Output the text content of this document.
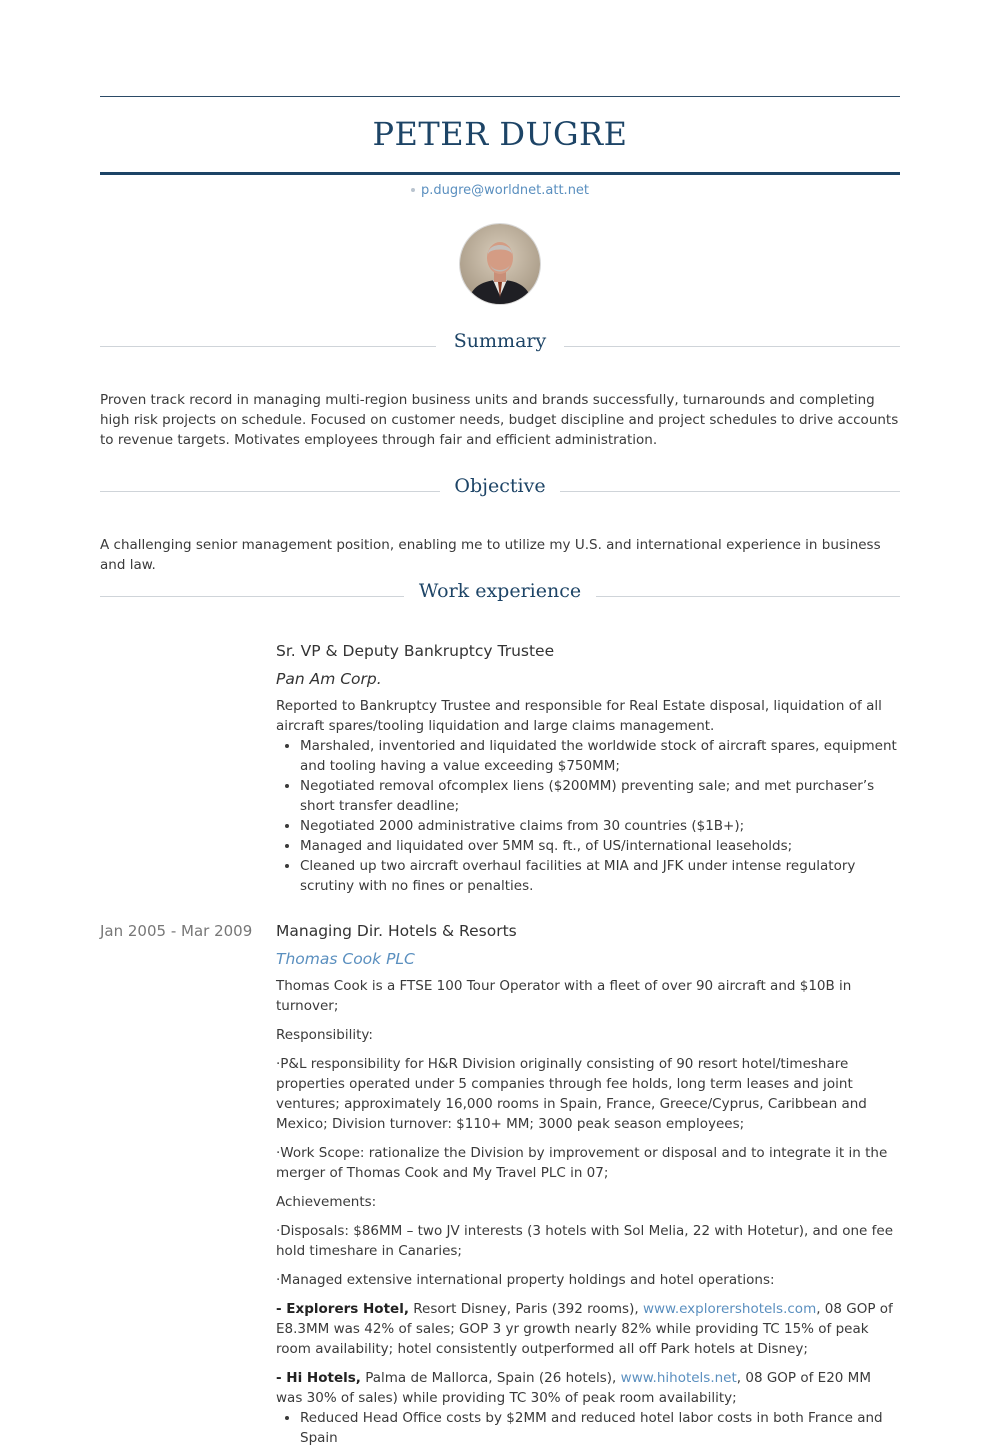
PETER DUGRE
p.dugre@worldnet.att.net
Summary
Proven track record in managing multi-region business units and brands successfully, turnarounds and completing high risk projects on schedule. Focused on customer needs, budget discipline and project schedules to drive accounts to revenue targets. Motivates employees through fair and efficient administration.
Objective
A challenging senior management position, enabling me to utilize my U.S. and international experience in business and law.
Work experience
Sr. VP & Deputy Bankruptcy Trustee
Pan Am Corp.
Reported to Bankruptcy Trustee and responsible for Real Estate disposal, liquidation of all aircraft spares/tooling liquidation and large claims management.
• Marshaled, inventoried and liquidated the worldwide stock of aircraft spares, equipment and tooling having a value exceeding $750MM;
• Negotiated removal ofcomplex liens ($200MM) preventing sale; and met purchaser’s short transfer deadline;
• Negotiated 2000 administrative claims from 30 countries ($1B+);
• Managed and liquidated over 5MM sq. ft., of US/international leaseholds;
• Cleaned up two aircraft overhaul facilities at MIA and JFK under intense regulatory scrutiny with no fines or penalties.
Jan 2005 - Mar 2009	Managing Dir. Hotels & Resorts
Thomas Cook PLC

Thomas Cook is a FTSE 100 Tour Operator with a fleet of over 90 aircraft and $10B in turnover;

Responsibility:

·P&L responsibility for H&R Division originally consisting of 90 resort hotel/timeshare properties operated under 5 companies through fee holds, long term leases and joint ventures; approximately 16,000 rooms in Spain, France, Greece/Cyprus, Caribbean and Mexico; Division turnover: $110+ MM; 3000 peak season employees;

·Work Scope: rationalize the Division by improvement or disposal and to integrate it in the merger of Thomas Cook and My Travel PLC in 07;

Achievements:

·Disposals: $86MM – two JV interests (3 hotels with Sol Melia, 22 with Hotetur), and one fee hold timeshare in Canaries;

·Managed extensive international property holdings and hotel operations:

- Explorers Hotel, Resort Disney, Paris (392 rooms), www.explorershotels.com, 08 GOP of E8.3MM was 42% of sales; GOP 3 yr growth nearly 82% while providing TC 15% of peak room availability; hotel consistently outperformed all off Park hotels at Disney;

- Hi Hotels, Palma de Mallorca, Spain (26 hotels), www.hihotels.net, 08 GOP of E20 MM was 30% of sales) while providing TC 30% of peak room availability;

• Reduced Head Office costs by $2MM and reduced hotel labor costs in both France and Spain
